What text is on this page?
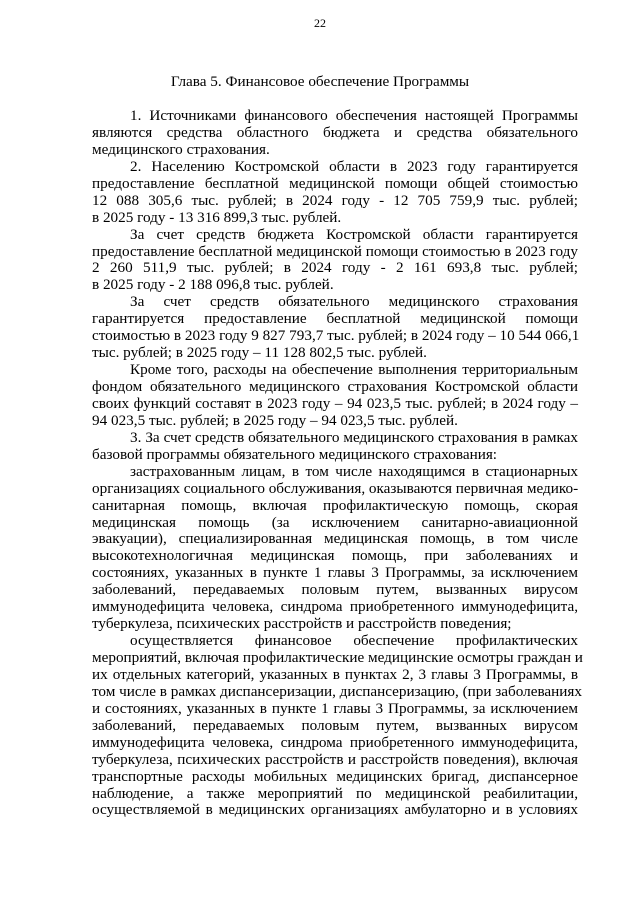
22
Глава 5. Финансовое обеспечение Программы
1. Источниками финансового обеспечения настоящей Программы
являются средства областного бюджета и средства обязательного
медицинского страхования.
2. Населению Костромской области в 2023 году гарантируется
предоставление бесплатной медицинской помощи общей стоимостью
12 088 305,6 тыс. рублей; в 2024 году - 12 705 759,9 тыс. рублей;
в 2025 году - 13 316 899,3 тыс. рублей.
За счет средств бюджета Костромской области гарантируется
предоставление бесплатной медицинской помощи стоимостью в 2023 году
2 260 511,9 тыс. рублей; в 2024 году - 2 161 693,8 тыс. рублей;
в 2025 году - 2 188 096,8 тыс. рублей.
За счет средств обязательного медицинского страхования
гарантируется предоставление бесплатной медицинской помощи
стоимостью в 2023 году 9 827 793,7 тыс. рублей; в 2024 году – 10 544 066,1
тыс. рублей; в 2025 году – 11 128 802,5 тыс. рублей.
Кроме того, расходы на обеспечение выполнения территориальным
фондом обязательного медицинского страхования Костромской области
своих функций составят в 2023 году – 94 023,5 тыс. рублей; в 2024 году –
94 023,5 тыс. рублей; в 2025 году – 94 023,5 тыс. рублей.
3. За счет средств обязательного медицинского страхования в рамках
базовой программы обязательного медицинского страхования:
застрахованным лицам, в том числе находящимся в стационарных
организациях социального обслуживания, оказываются первичная медико-
санитарная помощь, включая профилактическую помощь, скорая
медицинская помощь (за исключением санитарно-авиационной
эвакуации), специализированная медицинская помощь, в том числе
высокотехнологичная медицинская помощь, при заболеваниях и
состояниях, указанных в пункте 1 главы 3 Программы, за исключением
заболеваний, передаваемых половым путем, вызванных вирусом
иммунодефицита человека, синдрома приобретенного иммунодефицита,
туберкулеза, психических расстройств и расстройств поведения;
осуществляется финансовое обеспечение профилактических
мероприятий, включая профилактические медицинские осмотры граждан и
их отдельных категорий, указанных в пунктах 2, 3 главы 3 Программы, в
том числе в рамках диспансеризации, диспансеризацию, (при заболеваниях
и состояниях, указанных в пункте 1 главы 3 Программы, за исключением
заболеваний, передаваемых половым путем, вызванных вирусом
иммунодефицита человека, синдрома приобретенного иммунодефицита,
туберкулеза, психических расстройств и расстройств поведения), включая
транспортные расходы мобильных медицинских бригад, диспансерное
наблюдение, а также мероприятий по медицинской реабилитации,
осуществляемой в медицинских организациях амбулаторно и в условиях
